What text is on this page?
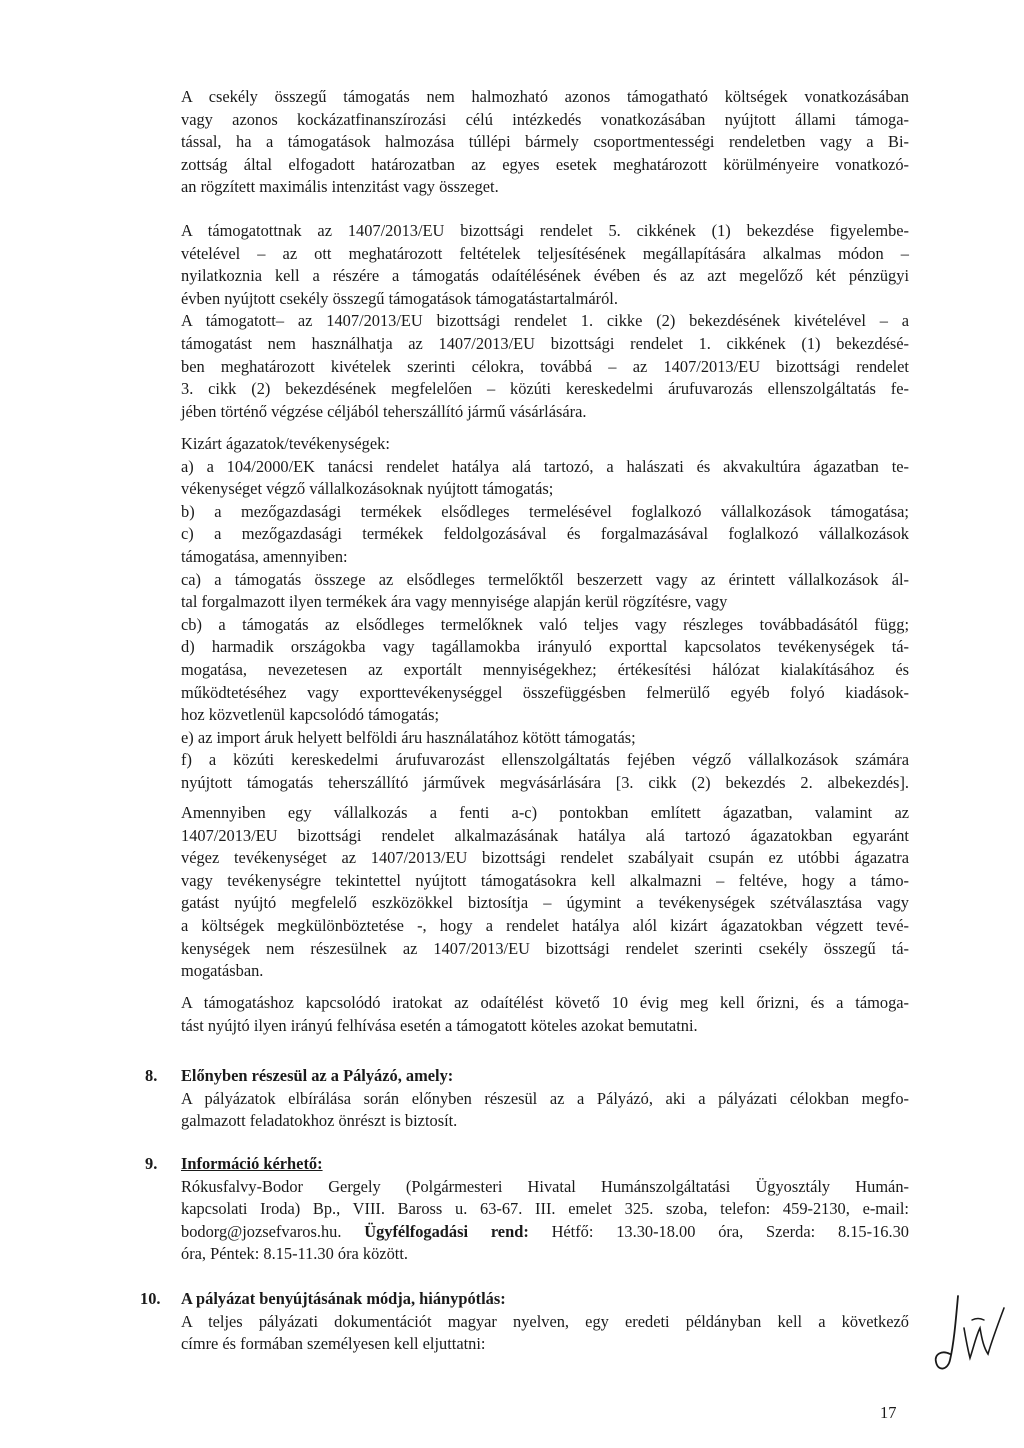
A csekély összegű támogatás nem halmozható azonos támogatható költségek vonatkozásában
vagy azonos kockázatfinanszírozási célú intézkedés vonatkozásában nyújtott állami támoga-
tással, ha a támogatások halmozása túllépi bármely csoportmentességi rendeletben vagy a Bi-
zottság által elfogadott határozatban az egyes esetek meghatározott körülményeire vonatkozó-
an rögzített maximális intenzitást vagy összeget.
A támogatottnak az 1407/2013/EU bizottsági rendelet 5. cikkének (1) bekezdése figyelembe-
vételével – az ott meghatározott feltételek teljesítésének megállapítására alkalmas módon –
nyilatkoznia kell a részére a támogatás odaítélésének évében és az azt megelőző két pénzügyi
évben nyújtott csekély összegű támogatások támogatástartalmáról.
A támogatott– az 1407/2013/EU bizottsági rendelet 1. cikke (2) bekezdésének kivételével – a
támogatást nem használhatja az 1407/2013/EU bizottsági rendelet 1. cikkének (1) bekezdésé-
ben meghatározott kivételek szerinti célokra, továbbá – az 1407/2013/EU bizottsági rendelet
3. cikk (2) bekezdésének megfelelően – közúti kereskedelmi árufuvarozás ellenszolgáltatás fe-
jében történő végzése céljából teherszállító jármű vásárlására.
Kizárt ágazatok/tevékenységek:
a) a 104/2000/EK tanácsi rendelet hatálya alá tartozó, a halászati és akvakultúra ágazatban te-
vékenységet végző vállalkozásoknak nyújtott támogatás;
b) a mezőgazdasági termékek elsődleges termelésével foglalkozó vállalkozások támogatása;
c) a mezőgazdasági termékek feldolgozásával és forgalmazásával foglalkozó vállalkozások
támogatása, amennyiben:
ca) a támogatás összege az elsődleges termelőktől beszerzett vagy az érintett vállalkozások ál-
tal forgalmazott ilyen termékek ára vagy mennyisége alapján kerül rögzítésre, vagy
cb) a támogatás az elsődleges termelőknek való teljes vagy részleges továbbadásától függ;
d) harmadik országokba vagy tagállamokba irányuló exporttal kapcsolatos tevékenységek tá-
mogatása, nevezetesen az exportált mennyiségekhez; értékesítési hálózat kialakításához és
működtetéséhez vagy exporttevékenységgel összefüggésben felmerülő egyéb folyó kiadások-
hoz közvetlenül kapcsolódó támogatás;
e) az import áruk helyett belföldi áru használatához kötött támogatás;
f) a közúti kereskedelmi árufuvarozást ellenszolgáltatás fejében végző vállalkozások számára
nyújtott támogatás teherszállító járművek megvásárlására [3. cikk (2) bekezdés 2. albekezdés].
Amennyiben egy vállalkozás a fenti a-c) pontokban említett ágazatban, valamint az
1407/2013/EU bizottsági rendelet alkalmazásának hatálya alá tartozó ágazatokban egyaránt
végez tevékenységet az 1407/2013/EU bizottsági rendelet szabályait csupán ez utóbbi ágazatra
vagy tevékenységre tekintettel nyújtott támogatásokra kell alkalmazni – feltéve, hogy a támo-
gatást nyújtó megfelelő eszközökkel biztosítja – úgymint a tevékenységek szétválasztása vagy
a költségek megkülönböztetése -, hogy a rendelet hatálya alól kizárt ágazatokban végzett tevé-
kenységek nem részesülnek az 1407/2013/EU bizottsági rendelet szerinti csekély összegű tá-
mogatásban.
A támogatáshoz kapcsolódó iratokat az odaítélést követő 10 évig meg kell őrizni, és a támoga-
tást nyújtó ilyen irányú felhívása esetén a támogatott köteles azokat bemutatni.
8.	Előnyben részesül az a Pályázó, amely:
A pályázatok elbírálása során előnyben részesül az a Pályázó, aki a pályázati célokban megfo-
galmazott feladatokhoz önrészt is biztosít.
9.	Információ kérhető:
Rókusfalvy-Bodor Gergely (Polgármesteri Hivatal Humánszolgáltatási Ügyosztály Humán-
kapcsolati Iroda) Bp., VIII. Baross u. 63-67. III. emelet 325. szoba, telefon: 459-2130, e-mail:
bodorg@jozsefvaros.hu. Ügyfélfogadási rend: Hétfő: 13.30-18.00 óra, Szerda: 8.15-16.30
óra, Péntek: 8.15-11.30 óra között.
10.	A pályázat benyújtásának módja, hiánypótlás:
A teljes pályázati dokumentációt magyar nyelven, egy eredeti példányban kell a következő
címre és formában személyesen kell eljuttatni:
17
